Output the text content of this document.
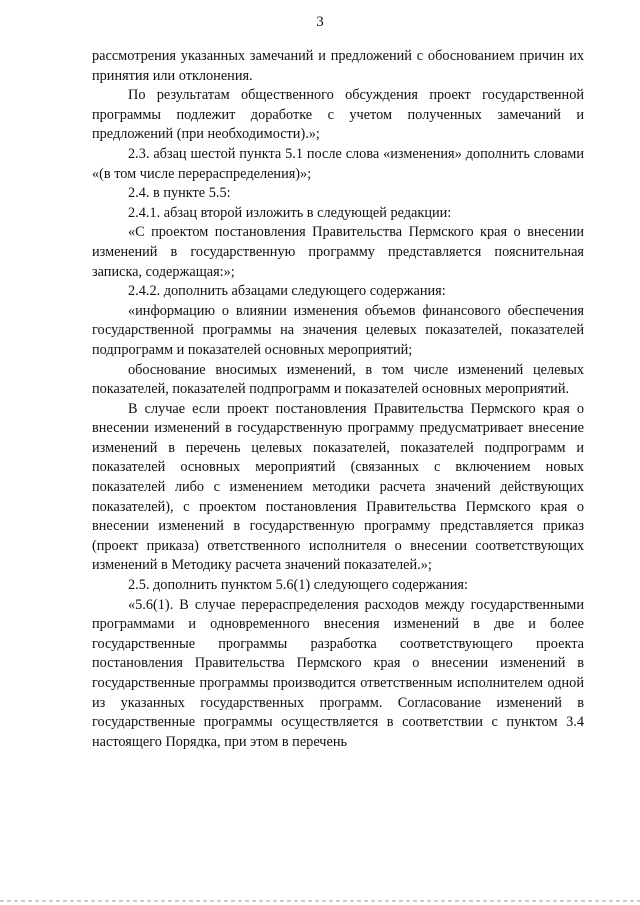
3

рассмотрения указанных замечаний и предложений с обоснованием причин их принятия или отклонения.

По результатам общественного обсуждения проект государственной программы подлежит доработке с учетом полученных замечаний и предложений (при необходимости).»;

2.3. абзац шестой пункта 5.1 после слова «изменения» дополнить словами «(в том числе перераспределения)»;

2.4. в пункте 5.5:

2.4.1. абзац второй изложить в следующей редакции:

«С проектом постановления Правительства Пермского края о внесении изменений в государственную программу представляется пояснительная записка, содержащая:»;

2.4.2. дополнить абзацами следующего содержания:

«информацию о влиянии изменения объемов финансового обеспечения государственной программы на значения целевых показателей, показателей подпрограмм и показателей основных мероприятий;

обоснование вносимых изменений, в том числе изменений целевых показателей, показателей подпрограмм и показателей основных мероприятий.

В случае если проект постановления Правительства Пермского края о внесении изменений в государственную программу предусматривает внесение изменений в перечень целевых показателей, показателей подпрограмм и показателей основных мероприятий (связанных с включением новых показателей либо с изменением методики расчета значений действующих показателей), с проектом постановления Правительства Пермского края о внесении изменений в государственную программу представляется приказ (проект приказа) ответственного исполнителя о внесении соответствующих изменений в Методику расчета значений показателей.»;

2.5. дополнить пунктом 5.6(1) следующего содержания:

«5.6(1). В случае перераспределения расходов между государственными программами и одновременного внесения изменений в две и более государственные программы разработка соответствующего проекта постановления Правительства Пермского края о внесении изменений в государственные программы производится ответственным исполнителем одной из указанных государственных программ. Согласование изменений в государственные программы осуществляется в соответствии с пунктом 3.4 настоящего Порядка, при этом в перечень
